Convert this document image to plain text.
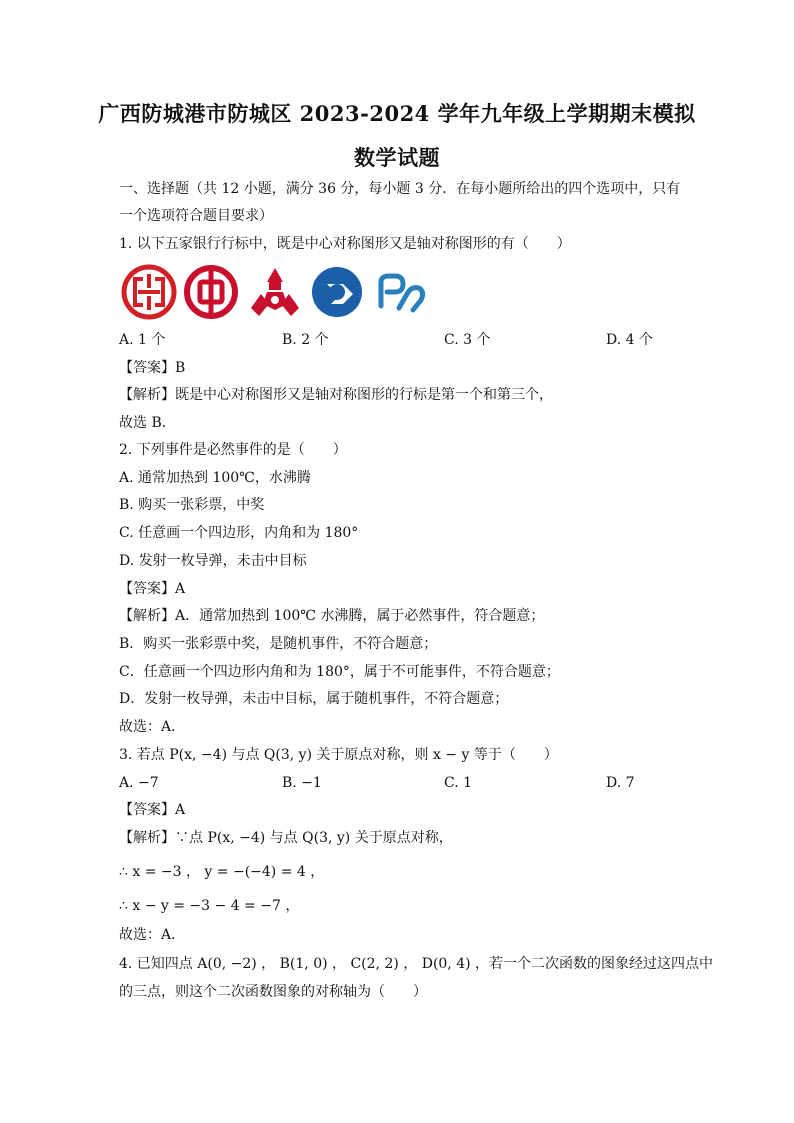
广西防城港市防城区 2023-2024 学年九年级上学期期末模拟
数学试题
一、选择题（共 12 小题，满分 36 分，每小题 3 分．在每小题所给出的四个选项中，只有
一个选项符合题目要求）
1. 以下五家银行行标中，既是中心对称图形又是轴对称图形的有（　　）
A. 1 个	B. 2 个	C. 3 个	D. 4 个
【答案】B
【解析】既是中心对称图形又是轴对称图形的行标是第一个和第三个，
故选 B．
2. 下列事件是必然事件的是（　　）
A. 通常加热到 100℃，水沸腾
B. 购买一张彩票，中奖
C. 任意画一个四边形，内角和为 180°
D. 发射一枚导弹，未击中目标
【答案】A
【解析】A．通常加热到 100℃ 水沸腾，属于必然事件，符合题意；
B．购买一张彩票中奖，是随机事件，不符合题意；
C．任意画一个四边形内角和为 180°，属于不可能事件，不符合题意；
D．发射一枚导弹，未击中目标，属于随机事件，不符合题意；
故选：A．
3. 若点 P(x, −4) 与点 Q(3, y) 关于原点对称，则 x − y 等于（　　）
A. −7	B. −1	C. 1	D. 7
【答案】A
【解析】∵点 P(x, −4) 与点 Q(3, y) 关于原点对称，
∴ x = −3 ， y = −(−4) = 4 ，
∴ x − y = −3 − 4 = −7 ，
故选：A．
4. 已知四点 A(0, −2) ， B(1, 0) ， C(2, 2) ， D(0, 4) ，若一个二次函数的图象经过这四点中
的三点，则这个二次函数图象的对称轴为（　　）
